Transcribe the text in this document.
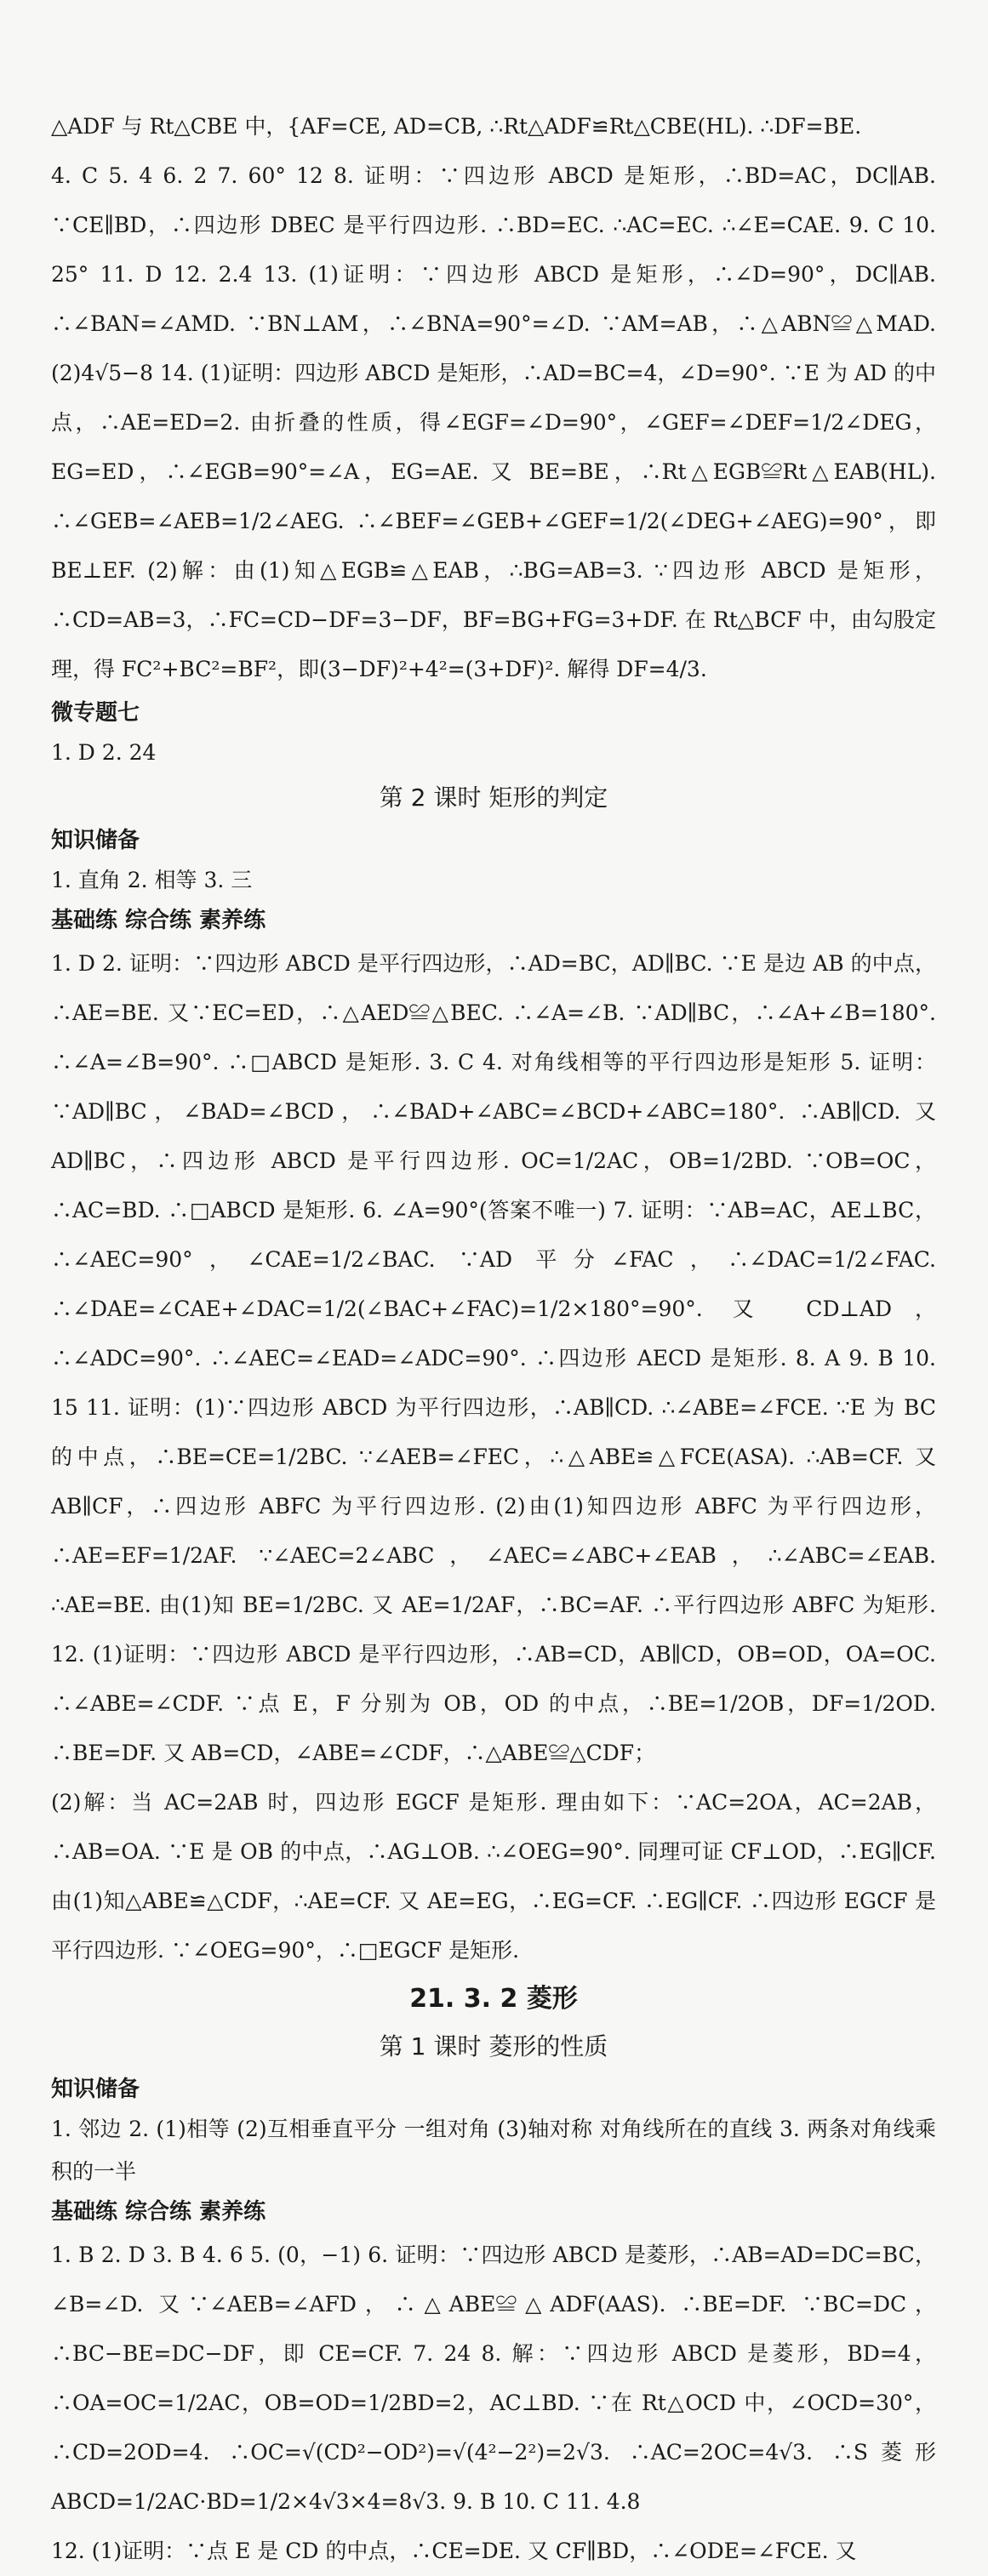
△ADF 与 Rt△CBE 中，{AF=CE, AD=CB, ∴Rt△ADF≌Rt△CBE(HL). ∴DF=BE.

4. C 5. 4 6. 2 7. 60° 12 8. 证明：∵四边形 ABCD 是矩形，∴BD=AC，DC∥AB. ∵CE∥BD，∴四边形 DBEC 是平行四边形. ∴BD=EC. ∴AC=EC. ∴∠E=CAE. 9. C 10. 25° 11. D 12. 2.4 13. (1)证明：∵四边形 ABCD 是矩形，∴∠D=90°，DC∥AB. ∴∠BAN=∠AMD. ∵BN⊥AM，∴∠BNA=90°=∠D. ∵AM=AB，∴△ABN≌△MAD. (2)4√5−8 14. (1)证明：四边形 ABCD 是矩形，∴AD=BC=4，∠D=90°. ∵E 为 AD 的中点，∴AE=ED=2. 由折叠的性质，得∠EGF=∠D=90°，∠GEF=∠DEF=1/2∠DEG，EG=ED，∴∠EGB=90°=∠A，EG=AE. 又 BE=BE，∴Rt△EGB≌Rt△EAB(HL). ∴∠GEB=∠AEB=1/2∠AEG. ∴∠BEF=∠GEB+∠GEF=1/2(∠DEG+∠AEG)=90°，即 BE⊥EF. (2)解：由(1)知△EGB≌△EAB，∴BG=AB=3. ∵四边形 ABCD 是矩形，∴CD=AB=3，∴FC=CD−DF=3−DF，BF=BG+FG=3+DF. 在 Rt△BCF 中，由勾股定理，得 FC²+BC²=BF²，即(3−DF)²+4²=(3+DF)². 解得 DF=4/3.

微专题七

1. D 2. 24

第 2 课时 矩形的判定

知识储备

1. 直角 2. 相等 3. 三

基础练 综合练 素养练

1. D 2. 证明：∵四边形 ABCD 是平行四边形，∴AD=BC，AD∥BC. ∵E 是边 AB 的中点，∴AE=BE. 又∵EC=ED，∴△AED≌△BEC. ∴∠A=∠B. ∵AD∥BC，∴∠A+∠B=180°. ∴∠A=∠B=90°. ∴□ABCD 是矩形. 3. C 4. 对角线相等的平行四边形是矩形 5. 证明：∵AD∥BC，∠BAD=∠BCD，∴∠BAD+∠ABC=∠BCD+∠ABC=180°. ∴AB∥CD. 又 AD∥BC，∴四边形 ABCD 是平行四边形. OC=1/2AC，OB=1/2BD. ∵OB=OC，∴AC=BD. ∴□ABCD 是矩形. 6. ∠A=90°(答案不唯一) 7. 证明：∵AB=AC，AE⊥BC，∴∠AEC=90°，∠CAE=1/2∠BAC. ∵AD 平分∠FAC，∴∠DAC=1/2∠FAC. ∴∠DAE=∠CAE+∠DAC=1/2(∠BAC+∠FAC)=1/2×180°=90°. 又 CD⊥AD，∴∠ADC=90°. ∴∠AEC=∠EAD=∠ADC=90°. ∴四边形 AECD 是矩形. 8. A 9. B 10. 15 11. 证明：(1)∵四边形 ABCD 为平行四边形，∴AB∥CD. ∴∠ABE=∠FCE. ∵E 为 BC 的中点，∴BE=CE=1/2BC. ∵∠AEB=∠FEC，∴△ABE≌△FCE(ASA). ∴AB=CF. 又 AB∥CF，∴四边形 ABFC 为平行四边形. (2)由(1)知四边形 ABFC 为平行四边形，∴AE=EF=1/2AF. ∵∠AEC=2∠ABC，∠AEC=∠ABC+∠EAB，∴∠ABC=∠EAB. ∴AE=BE. 由(1)知 BE=1/2BC. 又 AE=1/2AF，∴BC=AF. ∴平行四边形 ABFC 为矩形. 12. (1)证明：∵四边形 ABCD 是平行四边形，∴AB=CD，AB∥CD，OB=OD，OA=OC. ∴∠ABE=∠CDF. ∵点 E，F 分别为 OB，OD 的中点，∴BE=1/2OB，DF=1/2OD. ∴BE=DF. 又 AB=CD，∠ABE=∠CDF，∴△ABE≌△CDF；

(2)解：当 AC=2AB 时，四边形 EGCF 是矩形. 理由如下：∵AC=2OA，AC=2AB，∴AB=OA. ∵E 是 OB 的中点，∴AG⊥OB. ∴∠OEG=90°. 同理可证 CF⊥OD，∴EG∥CF. 由(1)知△ABE≌△CDF，∴AE=CF. 又 AE=EG，∴EG=CF. ∴EG∥CF. ∴四边形 EGCF 是平行四边形. ∵∠OEG=90°，∴□EGCF 是矩形.

21. 3. 2 菱形

第 1 课时 菱形的性质

知识储备

1. 邻边 2. (1)相等 (2)互相垂直平分 一组对角 (3)轴对称 对角线所在的直线 3. 两条对角线乘积的一半

基础练 综合练 素养练

1. B 2. D 3. B 4. 6 5. (0，−1) 6. 证明：∵四边形 ABCD 是菱形，∴AB=AD=DC=BC，∠B=∠D. 又∵∠AEB=∠AFD，∴△ABE≌△ADF(AAS). ∴BE=DF. ∵BC=DC，∴BC−BE=DC−DF，即 CE=CF. 7. 24 8. 解：∵四边形 ABCD 是菱形，BD=4，∴OA=OC=1/2AC，OB=OD=1/2BD=2，AC⊥BD. ∵在 Rt△OCD 中，∠OCD=30°，∴CD=2OD=4. ∴OC=√(CD²−OD²)=√(4²−2²)=2√3. ∴AC=2OC=4√3. ∴S菱形ABCD=1/2AC·BD=1/2×4√3×4=8√3. 9. B 10. C 11. 4.8

12. (1)证明：∵点 E 是 CD 的中点，∴CE=DE. 又 CF∥BD，∴∠ODE=∠FCE. 又
